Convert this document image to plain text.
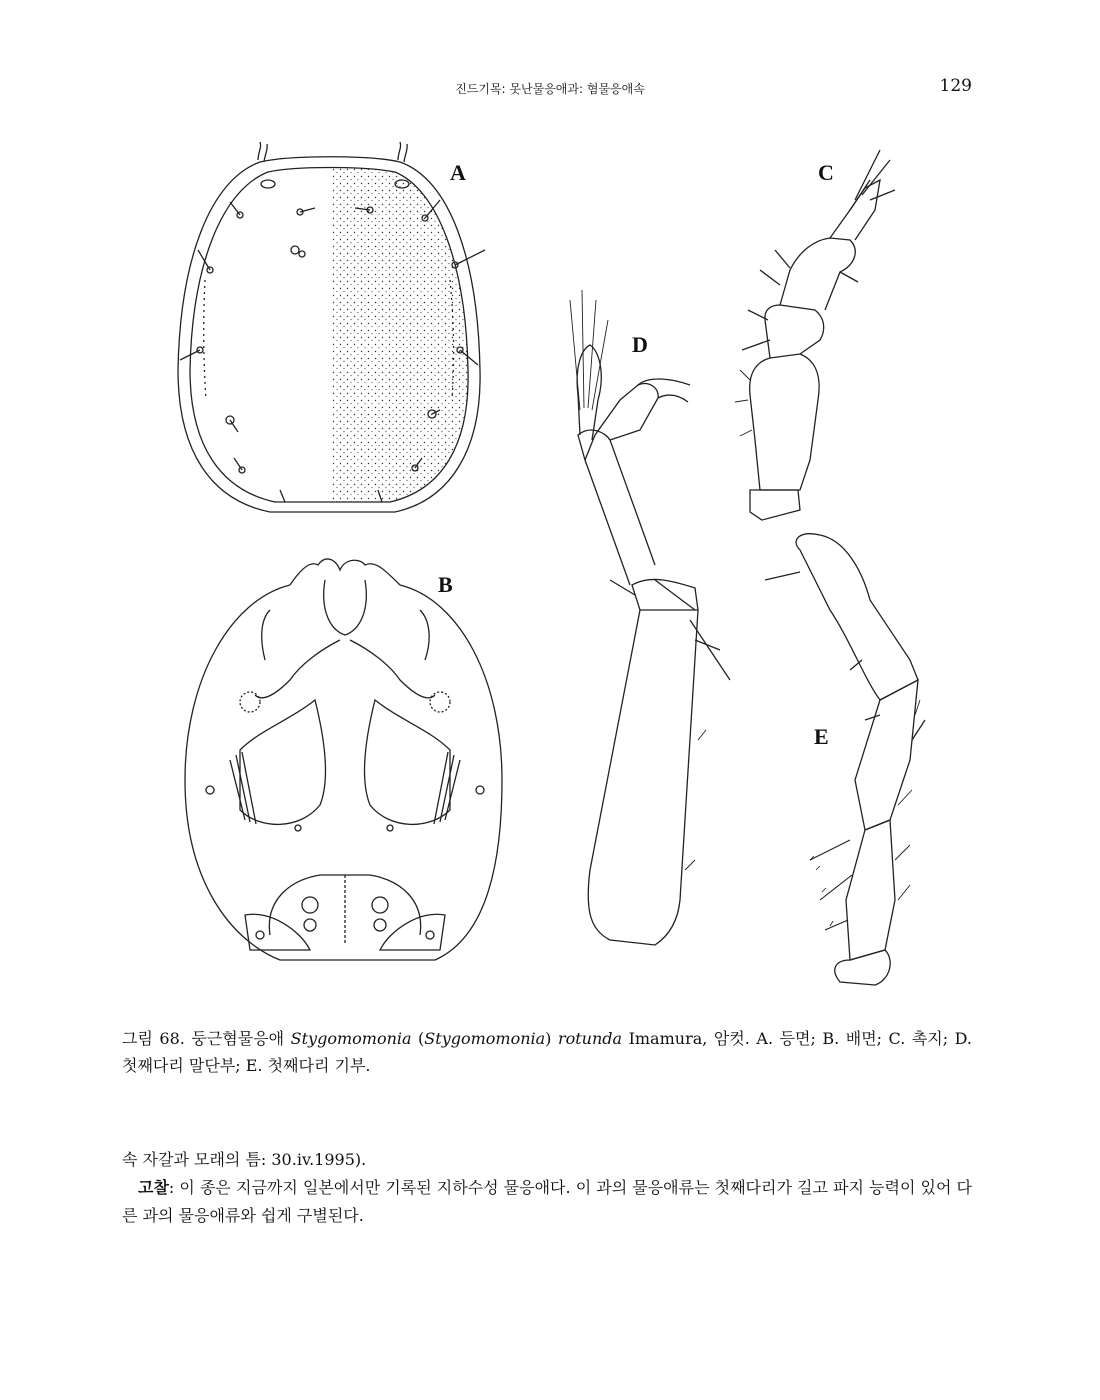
진드기목: 못난물응애과: 혐물응애속	129
A
B
C
D
E
그림 68. 둥근혐물응애 Stygomomonia (Stygomomonia) rotunda Imamura, 암컷. A. 등면; B. 배면; C. 촉지; D. 첫째다리 말단부; E. 첫째다리 기부.

속 자갈과 모래의 틈: 30.iv.1995).

고찰: 이 종은 지금까지 일본에서만 기록된 지하수성 물응애다. 이 과의 물응애류는 첫째다리가 길고 파지 능력이 있어 다른 과의 물응애류와 쉽게 구별된다.
